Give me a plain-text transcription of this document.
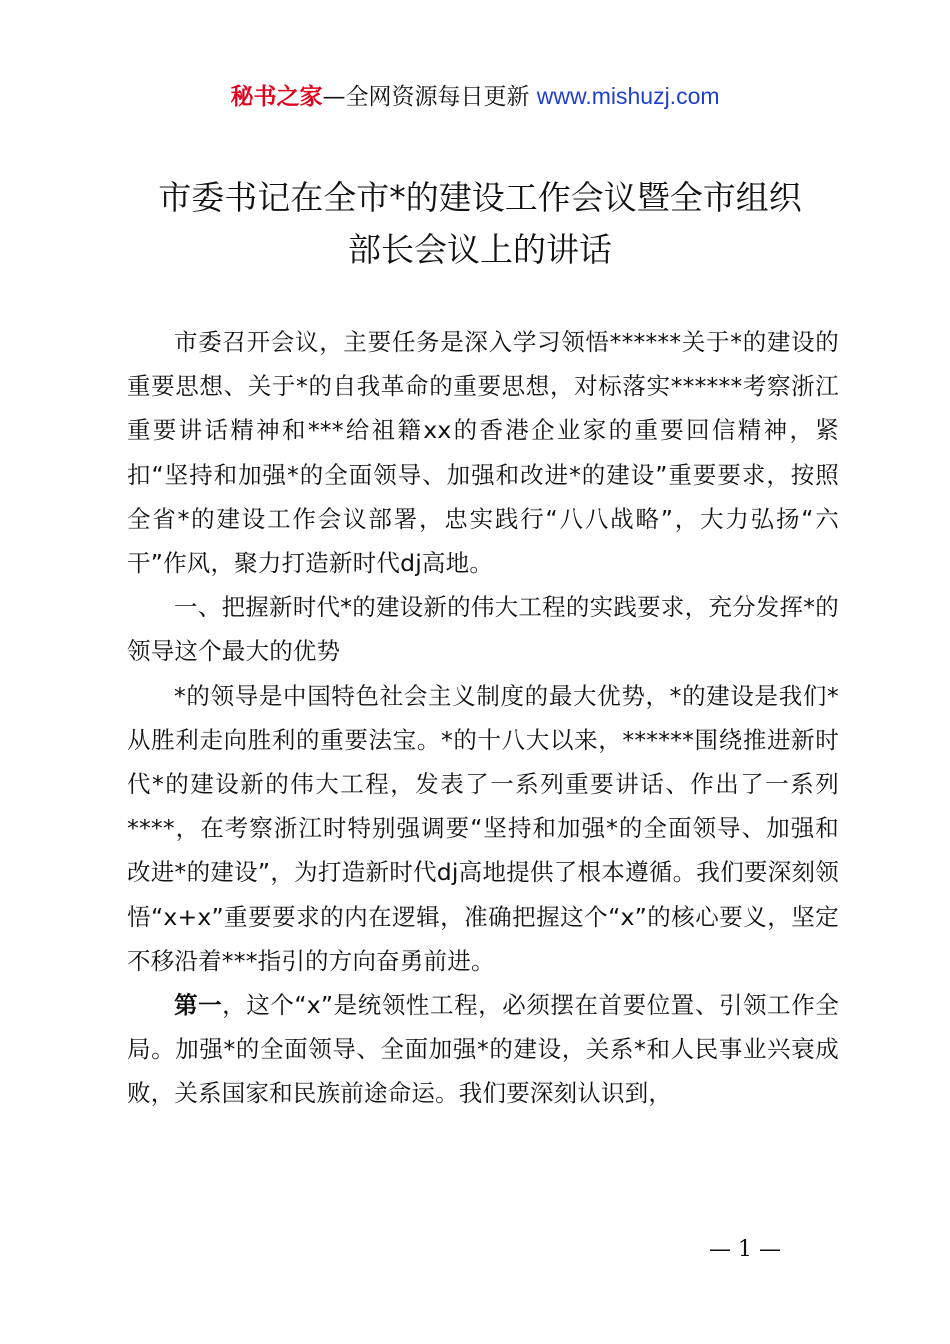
秘书之家—全网资源每日更新 www.mishuzj.com
市委书记在全市*的建设工作会议暨全市组织
部长会议上的讲话

市委召开会议，主要任务是深入学习领悟******关于*的建设的重要思想、关于*的自我革命的重要思想，对标落实******考察浙江重要讲话精神和***给祖籍xx的香港企业家的重要回信精神，紧扣“坚持和加强*的全面领导、加强和改进*的建设”重要要求，按照全省*的建设工作会议部署，忠实践行“八八战略”，大力弘扬“六干”作风，聚力打造新时代dj高地。

一、把握新时代*的建设新的伟大工程的实践要求，充分发挥*的领导这个最大的优势

*的领导是中国特色社会主义制度的最大优势，*的建设是我们*从胜利走向胜利的重要法宝。*的十八大以来，******围绕推进新时代*的建设新的伟大工程，发表了一系列重要讲话、作出了一系列****，在考察浙江时特别强调要“坚持和加强*的全面领导、加强和改进*的建设”，为打造新时代dj高地提供了根本遵循。我们要深刻领悟“x+x”重要要求的内在逻辑，准确把握这个“x”的核心要义，坚定不移沿着***指引的方向奋勇前进。

第一，这个“x”是统领性工程，必须摆在首要位置、引领工作全局。加强*的全面领导、全面加强*的建设，关系*和人民事业兴衰成败，关系国家和民族前途命运。我们要深刻认识到，

— 1 —
